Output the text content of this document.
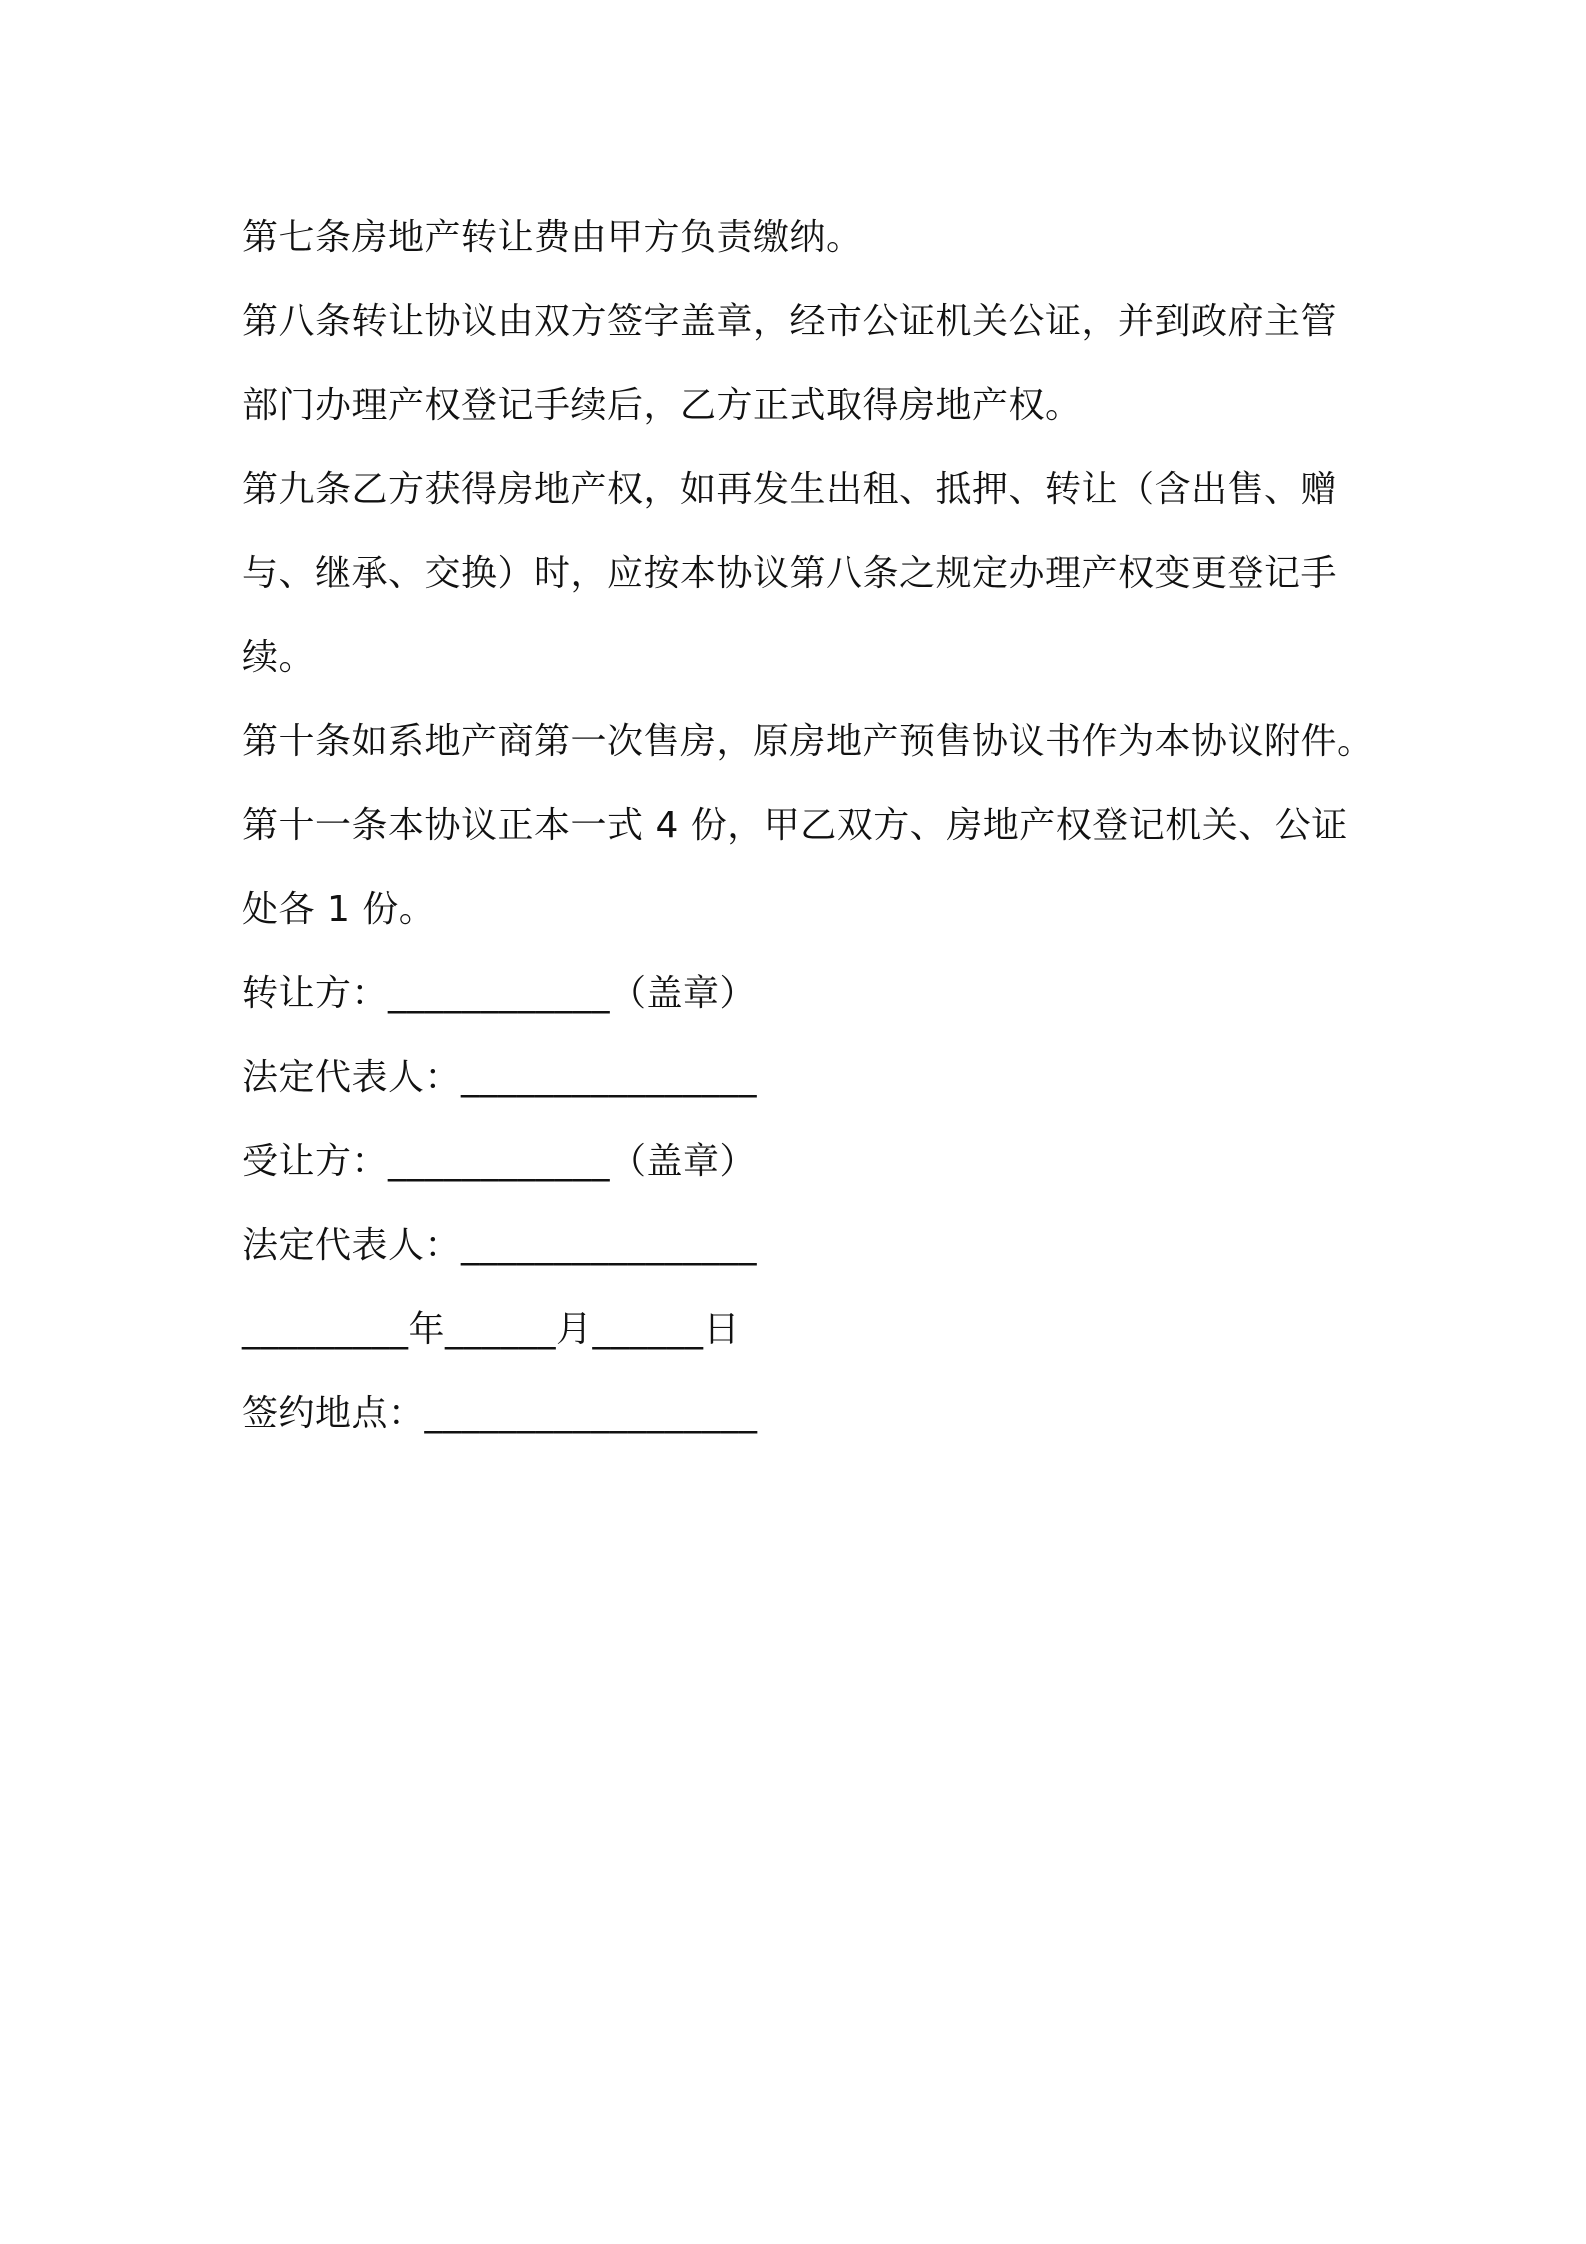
第七条房地产转让费由甲方负责缴纳。
第八条转让协议由双方签字盖章，经市公证机关公证，并到政府主管
部门办理产权登记手续后，乙方正式取得房地产权。
第九条乙方获得房地产权，如再发生出租、抵押、转让（含出售、赠
与、继承、交换）时，应按本协议第八条之规定办理产权变更登记手
续。
第十条如系地产商第一次售房，原房地产预售协议书作为本协议附件。
第十一条本协议正本一式 4 份，甲乙双方、房地产权登记机关、公证
处各 1 份。
转让方：____________（盖章）
法定代表人：________________
受让方：____________（盖章）
法定代表人：________________
_________年______月______日
签约地点：__________________
